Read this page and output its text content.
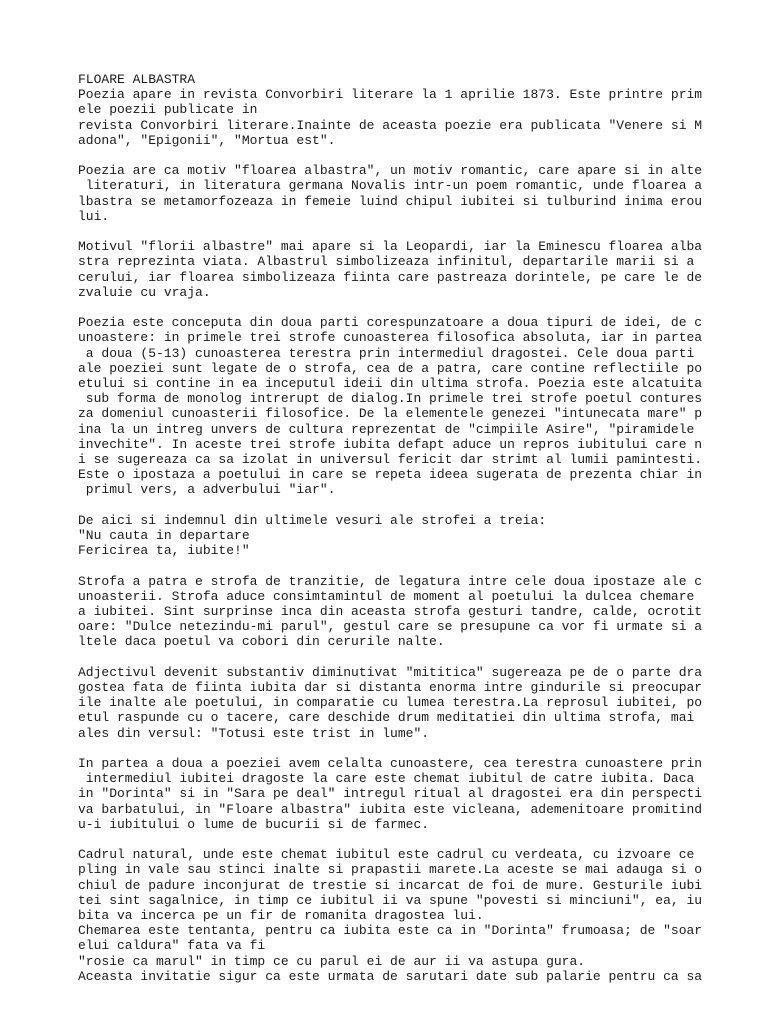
FLOARE ALBASTRA
Poezia apare in revista Convorbiri literare la 1 aprilie 1873. Este printre prim
ele poezii publicate in
revista Convorbiri literare.Inainte de aceasta poezie era publicata "Venere si M
adona", "Epigonii", "Mortua est".
Poezia are ca motiv "floarea albastra", un motiv romantic, care apare si in alte
literaturi, in literatura germana Novalis intr-un poem romantic, unde floarea a
lbastra se metamorfozeaza in femeie luind chipul iubitei si tulburind inima erou
lui.
Motivul "florii albastre" mai apare si la Leopardi, iar la Eminescu floarea alba
stra reprezinta viata. Albastrul simbolizeaza infinitul, departarile marii si a
cerului, iar floarea simbolizeaza fiinta care pastreaza dorintele, pe care le de
zvaluie cu vraja.
Poezia este conceputa din doua parti corespunzatoare a doua tipuri de idei, de c
unoastere: in primele trei strofe cunoasterea filosofica absoluta, iar in partea
a doua (5-13) cunoasterea terestra prin intermediul dragostei. Cele doua parti
ale poeziei sunt legate de o strofa, cea de a patra, care contine reflectiile po
etului si contine in ea inceputul ideii din ultima strofa. Poezia este alcatuita
sub forma de monolog intrerupt de dialog.In primele trei strofe poetul contures
za domeniul cunoasterii filosofice. De la elementele genezei "intunecata mare" p
ina la un intreg unvers de cultura reprezentat de "cimpiile Asire", "piramidele
invechite". In aceste trei strofe iubita defapt aduce un repros iubitului care n
i se sugereaza ca sa izolat in universul fericit dar strimt al lumii pamintesti.
Este o ipostaza a poetului in care se repeta ideea sugerata de prezenta chiar in
primul vers, a adverbului "iar".
De aici si indemnul din ultimele vesuri ale strofei a treia:
"Nu cauta in departare
Fericirea ta, iubite!"
Strofa a patra e strofa de tranzitie, de legatura intre cele doua ipostaze ale c
unoasterii. Strofa aduce consimtamintul de moment al poetului la dulcea chemare
a iubitei. Sint surprinse inca din aceasta strofa gesturi tandre, calde, ocrotit
oare: "Dulce netezindu-mi parul", gestul care se presupune ca vor fi urmate si a
ltele daca poetul va cobori din cerurile nalte.
Adjectivul devenit substantiv diminutivat "mititica" sugereaza pe de o parte dra
gostea fata de fiinta iubita dar si distanta enorma intre gindurile si preocupar
ile inalte ale poetului, in comparatie cu lumea terestra.La reprosul iubitei, po
etul raspunde cu o tacere, care deschide drum meditatiei din ultima strofa, mai
ales din versul: "Totusi este trist in lume".
In partea a doua a poeziei avem celalta cunoastere, cea terestra cunoastere prin
intermediul iubitei dragoste la care este chemat iubitul de catre iubita. Daca
in "Dorinta" si in "Sara pe deal" intregul ritual al dragostei era din perspecti
va barbatului, in "Floare albastra" iubita este vicleana, ademenitoare promitind
u-i iubitului o lume de bucurii si de farmec.
Cadrul natural, unde este chemat iubitul este cadrul cu verdeata, cu izvoare ce
pling in vale sau stinci inalte si prapastii marete.La aceste se mai adauga si o
chiul de padure inconjurat de trestie si incarcat de foi de mure. Gesturile iubi
tei sint sagalnice, in timp ce iubitul ii va spune "povesti si minciuni", ea, iu
bita va incerca pe un fir de romanita dragostea lui.
Chemarea este tentanta, pentru ca iubita este ca in "Dorinta" frumoasa; de "soar
elui caldura" fata va fi
"rosie ca marul" in timp ce cu parul ei de aur ii va astupa gura.
Aceasta invitatie sigur ca este urmata de sarutari date sub palarie pentru ca sa
